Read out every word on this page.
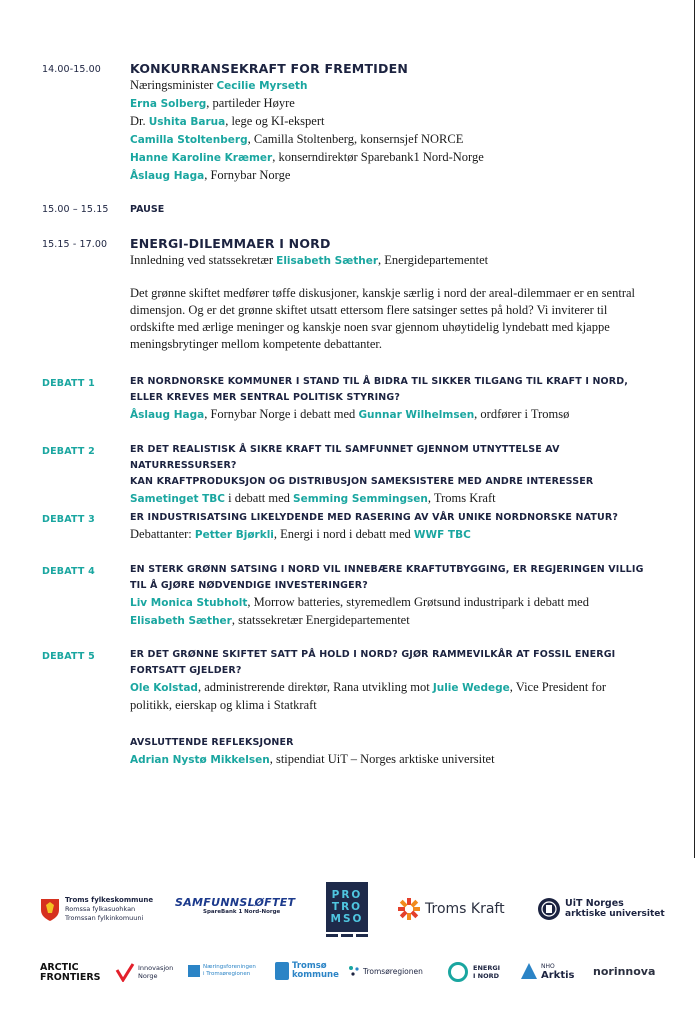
14.00-15.00 KONKURRANSEKRAFT FOR FREMTIDEN
Næringsminister Cecilie Myrseth
Erna Solberg, partileder Høyre
Dr. Ushita Barua, lege og KI-ekspert
Camilla Stoltenberg, Camilla Stoltenberg, konsernsjef NORCE
Hanne Karoline Kræmer, konserndirektør Sparebank1 Nord-Norge
Åslaug Haga, Fornybar Norge
15.00 – 15.15 PAUSE
15.15 - 17.00 ENERGI-DILEMMAER I NORD
Innledning ved statssekretær Elisabeth Sæther, Energidepartementet
Det grønne skiftet medfører tøffe diskusjoner, kanskje særlig i nord der areal-dilemmaer er en sentral dimensjon. Og er det grønne skiftet utsatt ettersom flere satsinger settes på hold? Vi inviterer til ordskifte med ærlige meninger og kanskje noen svar gjennom uhøytidelig lyndebatt med kjappe meningsbrytinger mellom kompetente debattanter.
DEBATT 1	ER NORDNORSKE KOMMUNER I STAND TIL Å BIDRA TIL SIKKER TILGANG TIL KRAFT I NORD,
ELLER KREVES MER SENTRAL POLITISK STYRING?
Åslaug Haga, Fornybar Norge i debatt med Gunnar Wilhelmsen, ordfører i Tromsø
DEBATT 2	ER DET REALISTISK Å SIKRE KRAFT TIL SAMFUNNET GJENNOM UTNYTTELSE AV NATURRESSURSER?
KAN KRAFTPRODUKSJON OG DISTRIBUSJON SAMEKSISTERE MED ANDRE INTERESSER
Sametinget TBC i debatt med Semming Semmingsen, Troms Kraft
DEBATT 3	ER INDUSTRISATSING LIKELYDENDE MED RASERING AV VÅR UNIKE NORDNORSKE NATUR?
Debattanter: Petter Bjørkli, Energi i nord i debatt med WWF TBC
DEBATT 4	EN STERK GRØNN SATSING I NORD VIL INNEBÆRE KRAFTUTBYGGING, ER REGJERINGEN VILLIG
TIL Å GJØRE NØDVENDIGE INVESTERINGER?
Liv Monica Stubholt, Morrow batteries, styremedlem Grøtsund industripark i debatt med
Elisabeth Sæther, statssekretær Energidepartementet
DEBATT 5	ER DET GRØNNE SKIFTET SATT PÅ HOLD I NORD? GJØR RAMMEVILKÅR AT FOSSIL ENERGI
FORTSATT GJELDER?
Ole Kolstad, administrerende direktør, Rana utvikling mot Julie Wedege, Vice President for
politikk, eierskap og klima i Statkraft
AVSLUTTENDE REFLEKSJONER
Adrian Nystø Mikkelsen, stipendiat UiT – Norges arktiske universitet
Troms fylkeskommune
Romssa fylkasuohkan
Tromssan fylkinkomuuni
SAMFUNNSLØFTET
SpareBank 1 Nord-Norge
PRO
TRO
MSO
Troms Kraft	UiT Norges
arktiske universitet
ARCTIC
FRONTIERS
Innovasjon
Norge
Næringsforeningen
i Tromsøregionen
Tromsø
kommune	Tromsøregionen	ENERGI
I NORD
NHO
Arktis norinnova
